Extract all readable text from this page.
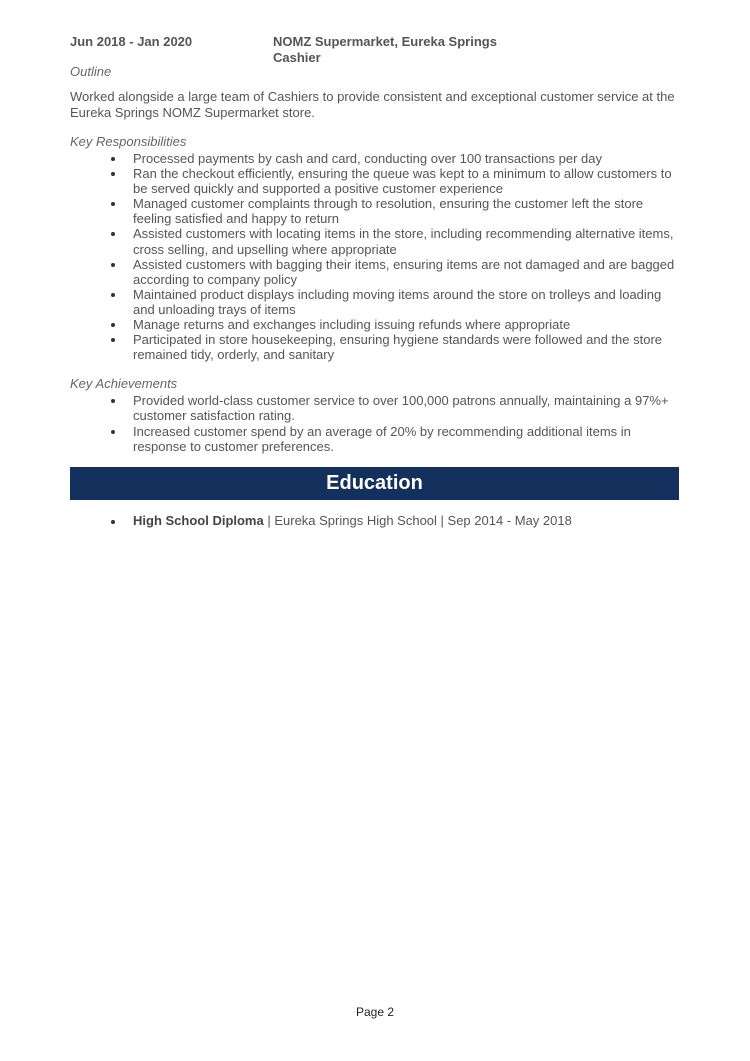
Jun 2018 - Jan 2020	NOMZ Supermarket, Eureka Springs
Cashier

Outline

Worked alongside a large team of Cashiers to provide consistent and exceptional customer service at the Eureka Springs NOMZ Supermarket store.

Key Responsibilities

Processed payments by cash and card, conducting over 100 transactions per day
Ran the checkout efficiently, ensuring the queue was kept to a minimum to allow customers to be served quickly and supported a positive customer experience
Managed customer complaints through to resolution, ensuring the customer left the store feeling satisfied and happy to return
Assisted customers with locating items in the store, including recommending alternative items, cross selling, and upselling where appropriate
Assisted customers with bagging their items, ensuring items are not damaged and are bagged according to company policy
Maintained product displays including moving items around the store on trolleys and loading and unloading trays of items
Manage returns and exchanges including issuing refunds where appropriate
Participated in store housekeeping, ensuring hygiene standards were followed and the store remained tidy, orderly, and sanitary

Key Achievements

Provided world-class customer service to over 100,000 patrons annually, maintaining a 97%+ customer satisfaction rating.
Increased customer spend by an average of 20% by recommending additional items in response to customer preferences.
Education
High School Diploma | Eureka Springs High School | Sep 2014 - May 2018
Page 2
